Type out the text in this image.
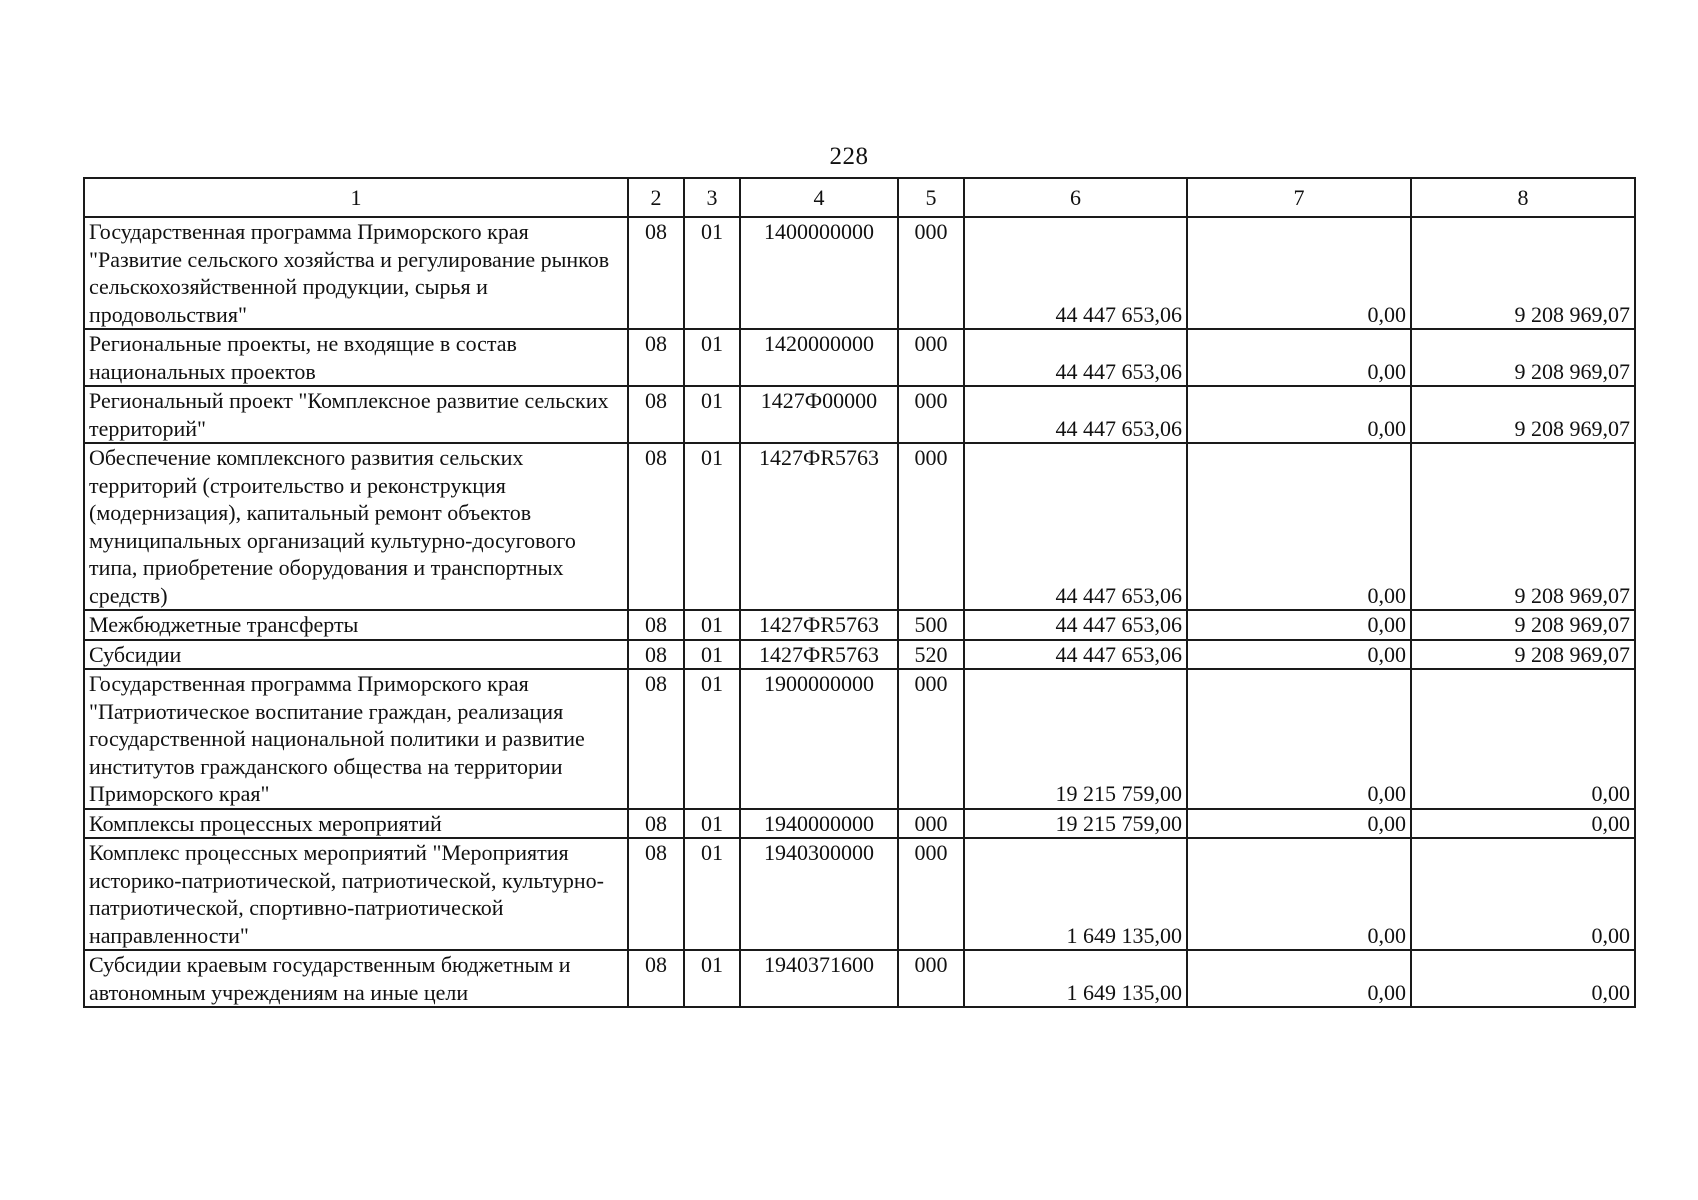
228
1	2	3	4	5	6	7	8
Государственная программа Приморского края "Развитие сельского хозяйства и регулирование рынков сельскохозяйственной продукции, сырья и продовольствия"	08	01	1400000000	000	44 447 653,06	0,00	9 208 969,07
Региональные проекты, не входящие в состав национальных проектов	08	01	1420000000	000	44 447 653,06	0,00	9 208 969,07
Региональный проект "Комплексное развитие сельских территорий"	08	01	1427Ф00000	000	44 447 653,06	0,00	9 208 969,07
Обеспечение комплексного развития сельских территорий (строительство и реконструкция (модернизация), капитальный ремонт объектов муниципальных организаций культурно-досугового типа, приобретение оборудования и транспортных средств)	08	01	1427ФR5763	000	44 447 653,06	0,00	9 208 969,07
Межбюджетные трансферты	08	01	1427ФR5763	500	44 447 653,06	0,00	9 208 969,07
Субсидии	08	01	1427ФR5763	520	44 447 653,06	0,00	9 208 969,07
Государственная программа Приморского края "Патриотическое воспитание граждан, реализация государственной национальной политики и развитие институтов гражданского общества на территории Приморского края"	08	01	1900000000	000	19 215 759,00	0,00	0,00
Комплексы процессных мероприятий	08	01	1940000000	000	19 215 759,00	0,00	0,00
Комплекс процессных мероприятий "Мероприятия историко-патриотической, патриотической, культурно-патриотической, спортивно-патриотической направленности"	08	01	1940300000	000	1 649 135,00	0,00	0,00
Субсидии краевым государственным бюджетным и автономным учреждениям на иные цели	08	01	1940371600	000	1 649 135,00	0,00	0,00
